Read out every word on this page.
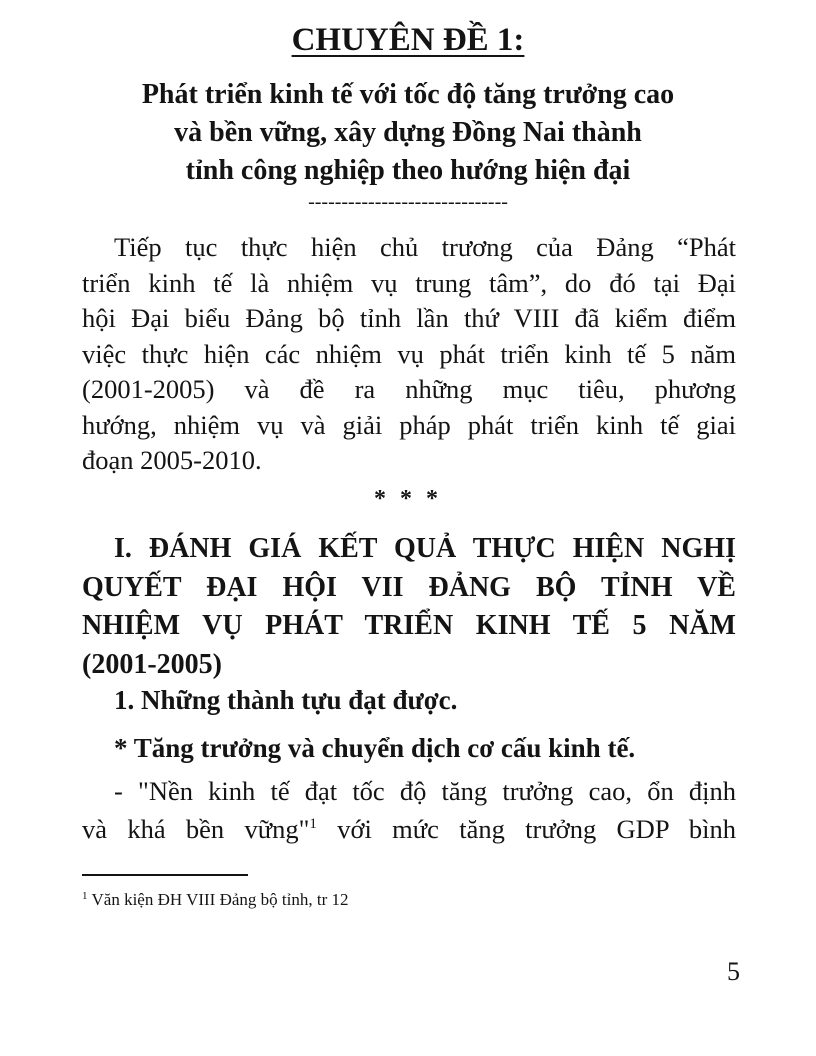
CHUYÊN ĐỀ 1:
Phát triển kinh tế với tốc độ tăng trưởng cao
và bền vững, xây dựng Đồng Nai thành
tỉnh công nghiệp theo hướng hiện đại
------------------------------
Tiếp tục thực hiện chủ trương của Đảng “Phát
triển kinh tế là nhiệm vụ trung tâm”, do đó tại Đại
hội Đại biểu Đảng bộ tỉnh lần thứ VIII đã kiểm điểm
việc thực hiện các nhiệm vụ phát triển kinh tế 5 năm
(2001-2005) và đề ra những mục tiêu, phương
hướng, nhiệm vụ và giải pháp phát triển kinh tế giai
đoạn 2005-2010.
* * *
I. ĐÁNH GIÁ KẾT QUẢ THỰC HIỆN NGHỊ
QUYẾT ĐẠI HỘI VII ĐẢNG BỘ TỈNH VỀ
NHIỆM VỤ PHÁT TRIỂN KINH TẾ 5 NĂM
(2001-2005)
1. Những thành tựu đạt được.
* Tăng trưởng và chuyển dịch cơ cấu kinh tế.
- "Nền kinh tế đạt tốc độ tăng trưởng cao, ổn định
và khá bền vững"$^1$ với mức tăng trưởng GDP bình
$^1$ Văn kiện ĐH VIII Đảng bộ tỉnh, tr 12
5
